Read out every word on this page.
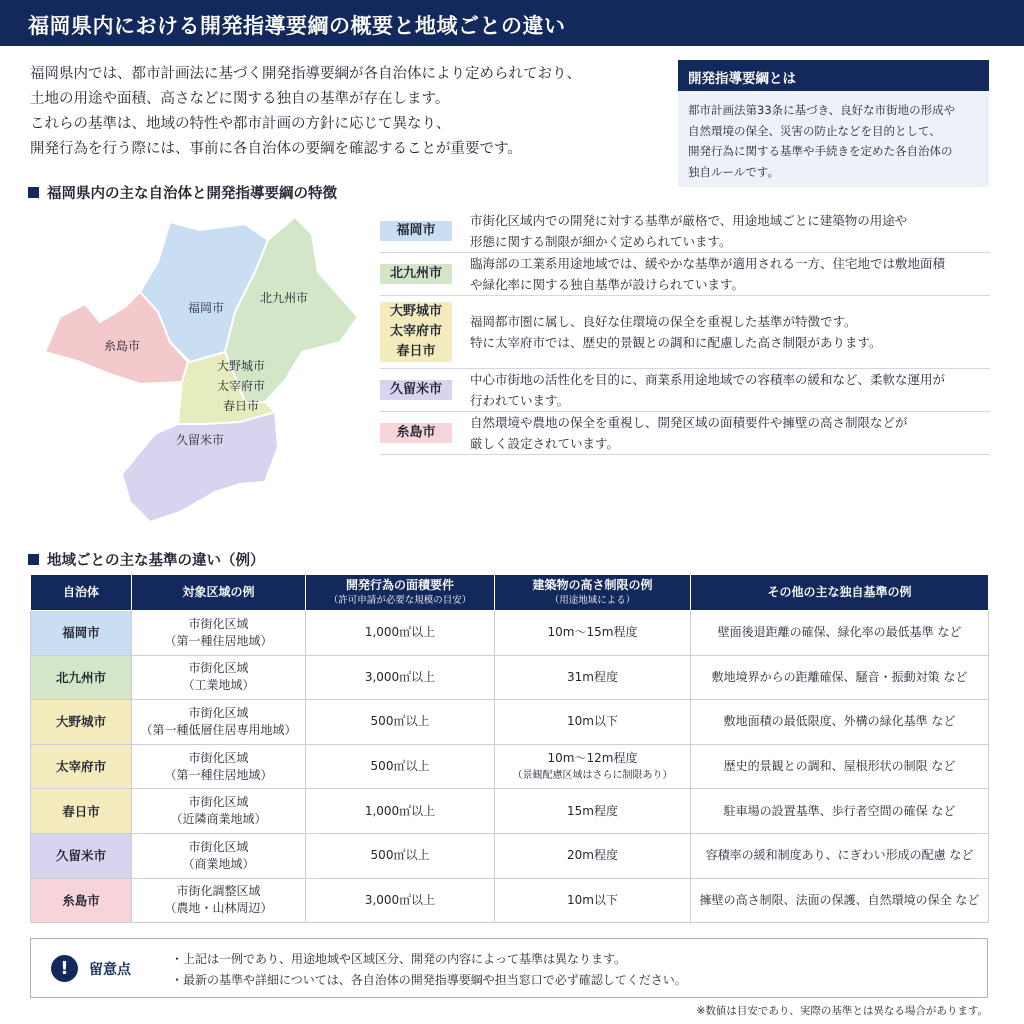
福岡県内における開発指導要綱の概要と地域ごとの違い

福岡県内では、都市計画法に基づく開発指導要綱が各自治体により定められており、

土地の用途や面積、高さなどに関する独自の基準が存在します。

これらの基準は、地域の特性や都市計画の方針に応じて異なり、

開発行為を行う際には、事前に各自治体の要綱を確認することが重要です。

開発指導要綱とは

都市計画法第33条に基づき、良好な市街地の形成や

自然環境の保全、災害の防止などを目的として、

開発行為に関する基準や手続きを定めた各自治体の

独自ルールです。

福岡県内の主な自治体と開発指導要綱の特徴
福岡市
北九州市
糸島市
大野城市
太宰府市
春日市
久留米市
福岡市

市街化区域内での開発に対する基準が厳格で、用途地域ごとに建築物の用途や

形態に関する制限が細かく定められています。

北九州市

臨海部の工業系用途地域では、緩やかな基準が適用される一方、住宅地では敷地面積

や緑化率に関する独自基準が設けられています。

大野城市
太宰府市
春日市

福岡都市圏に属し、良好な住環境の保全を重視した基準が特徴です。

特に太宰府市では、歴史的景観との調和に配慮した高さ制限があります。

久留米市

中心市街地の活性化を目的に、商業系用途地域での容積率の緩和など、柔軟な運用が

行われています。

糸島市

自然環境や農地の保全を重視し、開発区域の面積要件や擁壁の高さ制限などが

厳しく設定されています。

地域ごとの主な基準の違い（例）
自治体	対象区域の例	開発行為の面積要件
（許可申請が必要な規模の目安）	建築物の高さ制限の例
（用途地域による）	その他の主な独自基準の例

福岡市	市街化区域
（第一種住居地域）	1,000㎡以上	10m〜15m程度	壁面後退距離の確保、緑化率の最低基準 など

北九州市	市街化区域
（工業地域）	3,000㎡以上	31m程度	敷地境界からの距離確保、騒音・振動対策 など

大野城市	市街化区域
（第一種低層住居専用地域）	500㎡以上	10m以下	敷地面積の最低限度、外構の緑化基準 など

太宰府市	市街化区域
（第一種住居地域）	500㎡以上	10m〜12m程度
（景観配慮区域はさらに制限あり）	歴史的景観との調和、屋根形状の制限 など

春日市	市街化区域
（近隣商業地域）	1,000㎡以上	15m程度	駐車場の設置基準、歩行者空間の確保 など

久留米市	市街化区域
（商業地域）	500㎡以上	20m程度	容積率の緩和制度あり、にぎわい形成の配慮 など

糸島市	市街化調整区域
（農地・山林周辺）	3,000㎡以上	10m以下	擁壁の高さ制限、法面の保護、自然環境の保全 など
!	留意点

・上記は一例であり、用途地域や区域区分、開発の内容によって基準は異なります。

・最新の基準や詳細については、各自治体の開発指導要綱や担当窓口で必ず確認してください。

※数値は目安であり、実際の基準とは異なる場合があります。
